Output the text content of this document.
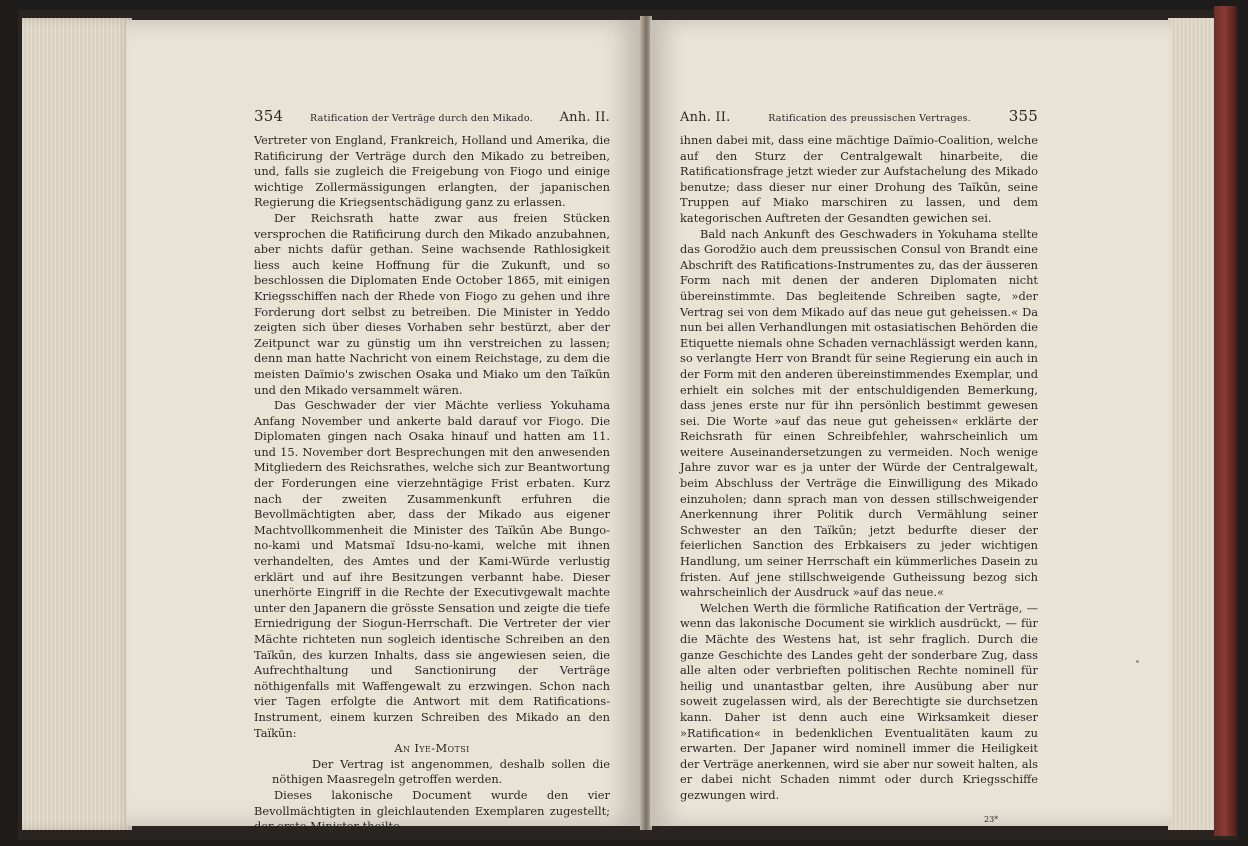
354	Ratification der Verträge durch den Mikado. Anh. II.

Vertreter von England, Frankreich, Holland und Amerika, die Ratificirung der Verträge durch den Mikado zu betreiben, und, falls sie zugleich die Freigebung von Fiogo und einige wichtige Zollermässigungen erlangten, der japanischen Regierung die Kriegsentschädigung ganz zu erlassen.

Der Reichsrath hatte zwar aus freien Stücken versprochen die Ratificirung durch den Mikado anzubahnen, aber nichts dafür gethan. Seine wachsende Rathlosigkeit liess auch keine Hoffnung für die Zukunft, und so beschlossen die Diplomaten Ende October 1865, mit einigen Kriegsschiffen nach der Rhede von Fiogo zu gehen und ihre Forderung dort selbst zu betreiben. Die Minister in Yeddo zeigten sich über dieses Vorhaben sehr bestürzt, aber der Zeitpunct war zu günstig um ihn verstreichen zu lassen; denn man hatte Nachricht von einem Reichstage, zu dem die meisten Daïmio's zwischen Osaka und Miako um den Taïkūn und den Mikado versammelt wären.

Das Geschwader der vier Mächte verliess Yokuhama Anfang November und ankerte bald darauf vor Fiogo. Die Diplomaten gingen nach Osaka hinauf und hatten am 11. und 15. November dort Besprechungen mit den anwesenden Mitgliedern des Reichsrathes, welche sich zur Beantwortung der Forderungen eine vierzehntägige Frist erbaten. Kurz nach der zweiten Zusammenkunft erfuhren die Bevollmächtigten aber, dass der Mikado aus eigener Machtvollkommenheit die Minister des Taïkūn Abe Bungo-no-kami und Matsmaï Idsu-no-kami, welche mit ihnen verhandelten, des Amtes und der Kami-Würde verlustig erklärt und auf ihre Besitzungen verbannt habe. Dieser unerhörte Eingriff in die Rechte der Executivgewalt machte unter den Japanern die grösste Sensation und zeigte die tiefe Erniedrigung der Siogun-Herrschaft. Die Vertreter der vier Mächte richteten nun sogleich identische Schreiben an den Taïkūn, des kurzen Inhalts, dass sie angewiesen seien, die Aufrechthaltung und Sanctionirung der Verträge nöthigenfalls mit Waffengewalt zu erzwingen. Schon nach vier Tagen erfolgte die Antwort mit dem Ratifications-Instrument, einem kurzen Schreiben des Mikado an den Taïkūn:

An Iye-Motsi

Der Vertrag ist angenommen, deshalb sollen die nöthigen Maasregeln getroffen werden.

Dieses lakonische Document wurde den vier Bevollmächtigten in gleichlautenden Exemplaren zugestellt; der erste Minister theilte

Anh. II.	Ratification des preussischen Vertrages.	355

ihnen dabei mit, dass eine mächtige Daïmio-Coalition, welche auf den Sturz der Centralgewalt hinarbeite, die Ratificationsfrage jetzt wieder zur Aufstachelung des Mikado benutze; dass dieser nur einer Drohung des Taïkūn, seine Truppen auf Miako marschiren zu lassen, und dem kategorischen Auftreten der Gesandten gewichen sei.

Bald nach Ankunft des Geschwaders in Yokuhama stellte das Gorodžio auch dem preussischen Consul von Brandt eine Abschrift des Ratifications-Instrumentes zu, das der äusseren Form nach mit denen der anderen Diplomaten nicht übereinstimmte. Das begleitende Schreiben sagte, »der Vertrag sei von dem Mikado auf das neue gut geheissen.« Da nun bei allen Verhandlungen mit ostasiatischen Behörden die Etiquette niemals ohne Schaden vernachlässigt werden kann, so verlangte Herr von Brandt für seine Regierung ein auch in der Form mit den anderen übereinstimmendes Exemplar, und erhielt ein solches mit der entschuldigenden Bemerkung, dass jenes erste nur für ihn persönlich bestimmt gewesen sei. Die Worte »auf das neue gut geheissen« erklärte der Reichsrath für einen Schreibfehler, wahrscheinlich um weitere Auseinandersetzungen zu vermeiden. Noch wenige Jahre zuvor war es ja unter der Würde der Centralgewalt, beim Abschluss der Verträge die Einwilligung des Mikado einzuholen; dann sprach man von dessen stillschweigender Anerkennung ihrer Politik durch Vermählung seiner Schwester an den Taïkūn; jetzt bedurfte dieser der feierlichen Sanction des Erbkaisers zu jeder wichtigen Handlung, um seiner Herrschaft ein kümmerliches Dasein zu fristen. Auf jene stillschweigende Gutheissung bezog sich wahrscheinlich der Ausdruck »auf das neue.«

Welchen Werth die förmliche Ratification der Verträge, — wenn das lakonische Document sie wirklich ausdrückt, — für die Mächte des Westens hat, ist sehr fraglich. Durch die ganze Geschichte des Landes geht der sonderbare Zug, dass alle alten oder verbrieften politischen Rechte nominell für heilig und unantastbar gelten, ihre Ausübung aber nur soweit zugelassen wird, als der Berechtigte sie durchsetzen kann. Daher ist denn auch eine Wirksamkeit dieser »Ratification« in bedenklichen Eventualitäten kaum zu erwarten. Der Japaner wird nominell immer die Heiligkeit der Verträge anerkennen, wird sie aber nur soweit halten, als er dabei nicht Schaden nimmt oder durch Kriegsschiffe gezwungen wird.

23*
